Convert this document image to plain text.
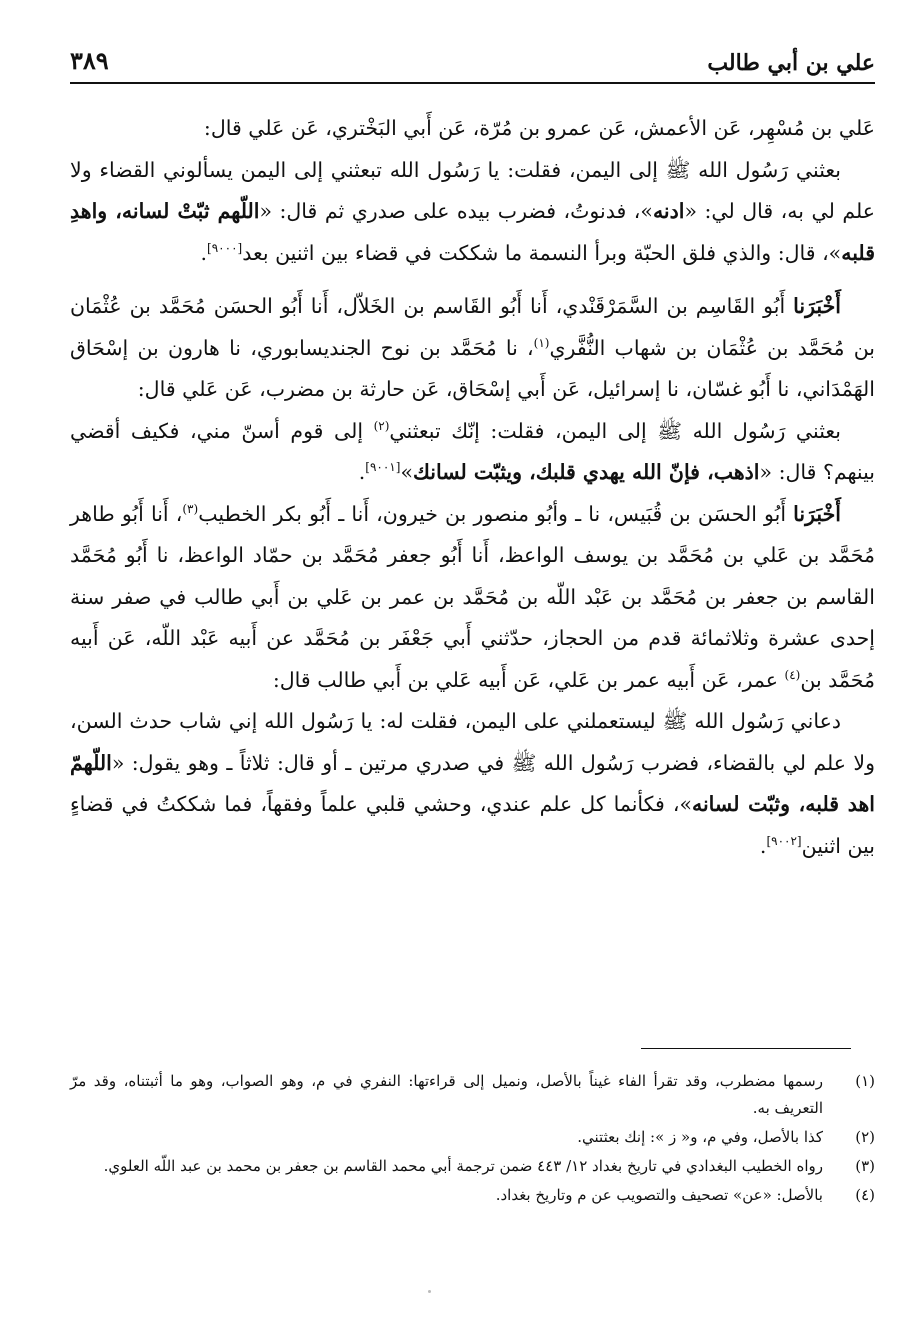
علي بن أبي طالب
٣٨٩

عَلي بن مُسْهِر، عَن الأعمش، عَن عمرو بن مُرّة، عَن أَبي البَخْتري، عَن عَلي قال:

بعثني رَسُول الله ﷺ إلى اليمن، فقلت: يا رَسُول الله تبعثني إلى اليمن يسألوني القضاء ولا علم لي به، قال لي: «ادنه»، فدنوتُ، فضرب بيده على صدري ثم قال: «اللّهم ثبّتْ لسانه، واهدِ قلبه»، قال: والذي فلق الحبّة وبرأ النسمة ما شككت في قضاء بين اثنين بعد[٩٠٠٠].

أَخْبَرَنا أَبُو القَاسِم بن السَّمَرْقَنْدي، أَنا أَبُو القَاسم بن الخَلاّل، أَنا أَبُو الحسَن مُحَمَّد بن عُثْمَان بن مُحَمَّد بن عُثْمَان بن شهاب النُّفَّري$^{(١)}$، نا مُحَمَّد بن نوح الجنديسابوري، نا هارون بن إسْحَاق الهَمْدَاني، نا أَبُو غسّان، نا إسرائيل، عَن أَبي إسْحَاق، عَن حارثة بن مضرب، عَن عَلي قال:

بعثني رَسُول الله ﷺ إلى اليمن، فقلت: إنّك تبعثني$^{(٢)}$ إلى قوم أسنّ مني، فكيف أقضي بينهم؟ قال: «اذهب، فإنّ الله يهدي قلبك، ويثبّت لسانك»[٩٠٠١].

أَخْبَرَنا أَبُو الحسَن بن قُبَيس، نا ـ وأبُو منصور بن خيرون، أَنا ـ أَبُو بكر الخطيب$^{(٣)}$، أَنا أَبُو طاهر مُحَمَّد بن عَلي بن مُحَمَّد بن يوسف الواعظ، أَنا أَبُو جعفر مُحَمَّد بن حمّاد الواعظ، نا أَبُو مُحَمَّد القاسم بن جعفر بن مُحَمَّد بن عَبْد اللّه بن مُحَمَّد بن عمر بن عَلي بن أَبي طالب في صفر سنة إحدى عشرة وثلاثمائة قدم من الحجاز، حدّثني أَبي جَعْفَر بن مُحَمَّد عن أَبيه عَبْد اللّه، عَن أَبيه مُحَمَّد بن$^{(٤)}$ عمر، عَن أَبيه عمر بن عَلي، عَن أَبيه عَلي بن أَبي طالب قال:

دعاني رَسُول الله ﷺ ليستعملني على اليمن، فقلت له: يا رَسُول الله إني شاب حدث السن، ولا علم لي بالقضاء، فضرب رَسُول الله ﷺ في صدري مرتين ـ أو قال: ثلاثاً ـ وهو يقول: «اللّهمّ اهد قلبه، وثبّت لسانه»، فكأنما كل علم عندي، وحشي قلبي علماً وفقهاً، فما شككتُ في قضاءٍ بين اثنين[٩٠٠٢].

(١)
رسمها مضطرب، وقد تقرأ الفاء غيناً بالأصل، ونميل إلى قراءتها: النفري في م، وهو الصواب، وهو ما أثبتناه، وقد مرّ التعريف به.
(٢)
كذا بالأصل، وفي م، و« ز »: إنك بعثتني.
(٣)
رواه الخطيب البغدادي في تاريخ بغداد ١٢/ ٤٤٣ ضمن ترجمة أبي محمد القاسم بن جعفر بن محمد بن عبد اللّه العلوي.
(٤)
بالأصل: «عن» تصحيف والتصويب عن م وتاريخ بغداد.
